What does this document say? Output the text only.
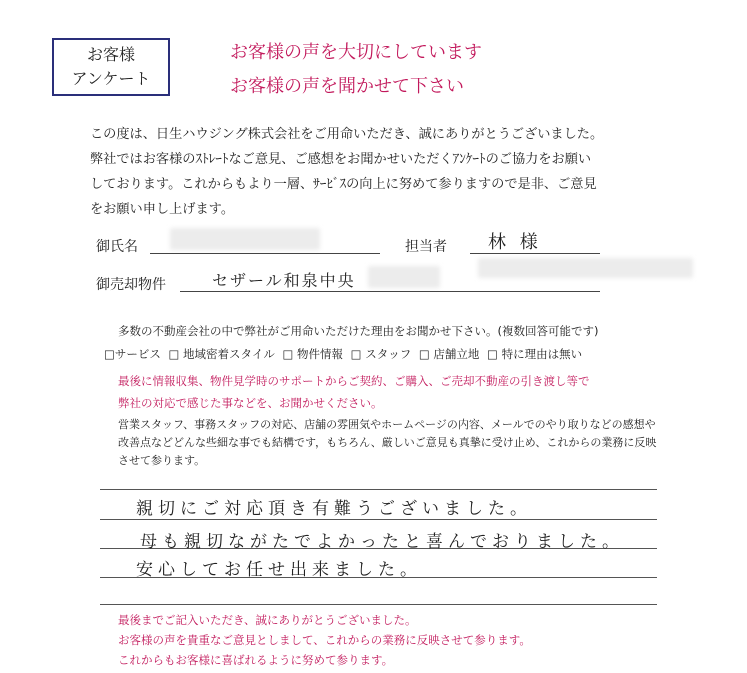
お客様
アンケート
お客様の声を大切にしています
お客様の声を聞かせて下さい
この度は、日生ハウジング株式会社をご用命いただき、誠にありがとうございました。
弊社ではお客様のｽﾄﾚｰﾄなご意見、ご感想をお聞かせいただくｱﾝｹｰﾄのご協力をお願い
しております。これからもより一層、ｻｰﾋﾞｽの向上に努めて参りますので是非、ご意見
をお願い申し上げます。
御氏名	担当者 林 様
御売却物件	セザール和泉中央
多数の不動産会社の中で弊社がご用命いただけた理由をお聞かせ下さい。(複数回答可能です)
□サービス □ 地域密着スタイル □ 物件情報 □ スタッフ □ 店舗立地 □ 特に理由は無い
最後に情報収集、物件見学時のサポートからご契約、ご購入、ご売却不動産の引き渡し等で
弊社の対応で感じた事などを、お聞かせください。
営業スタッフ、事務スタッフの対応、店舗の雰囲気やホームページの内容、メールでのやり取りなどの感想や
改善点などどんな些細な事でも結構です，もちろん、厳しいご意見も真摯に受け止め、これからの業務に反映
させて参ります。
親切にご対応頂き有難うございました。
母も親切ながたでよかったと喜んでおりました。
安心してお任せ出来ました。
最後までご記入いただき、誠にありがとうございました。
お客様の声を貴重なご意見としまして、これからの業務に反映させて参ります。
これからもお客様に喜ばれるように努めて参ります。
